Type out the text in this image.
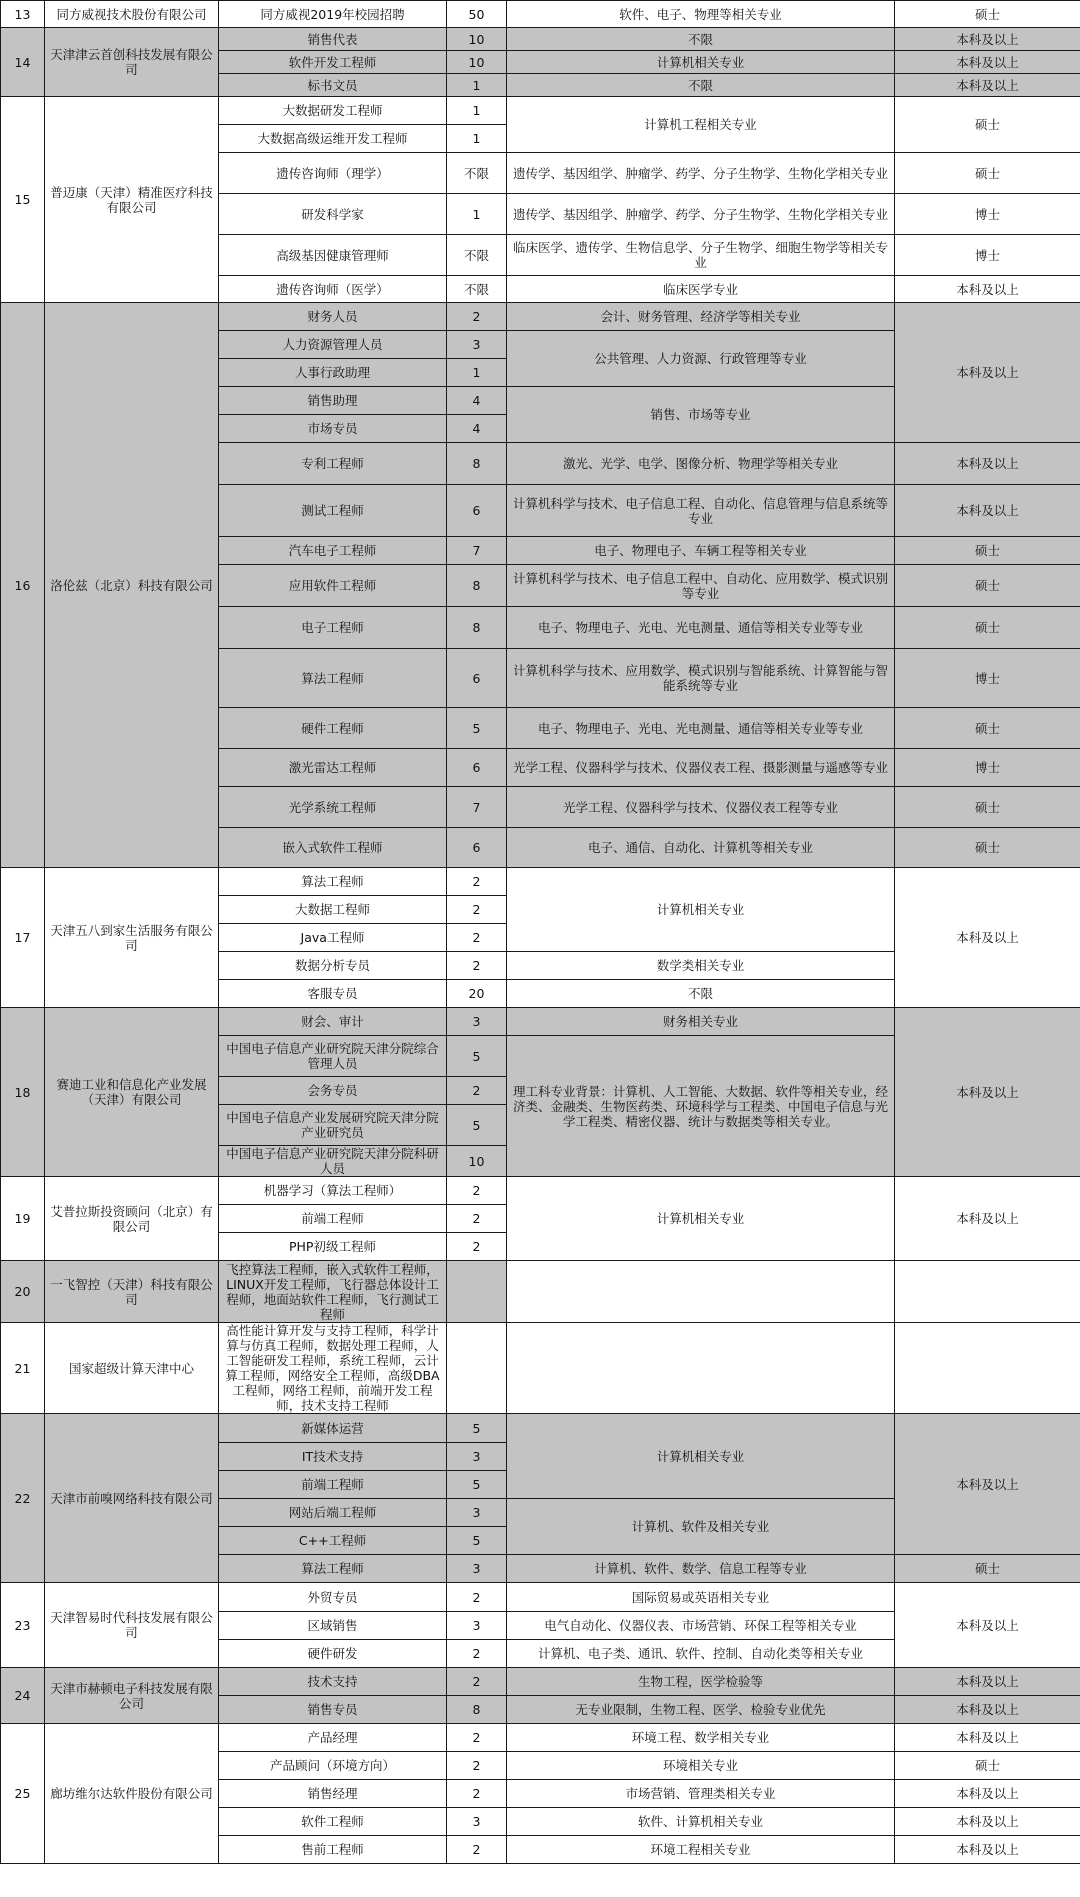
13	同方威视技术股份有限公司	同方威视2019年校园招聘	50	软件、电子、物理等相关专业	硕士
14	天津津云首创科技发展有限公司	销售代表	10	不限	本科及以上
		软件开发工程师	10	计算机相关专业	本科及以上
		标书文员	1	不限	本科及以上
15	普迈康（天津）精准医疗科技有限公司	大数据研发工程师	1	计算机工程相关专业	硕士
		大数据高级运维开发工程师	1		
		遗传咨询师（理学）	不限	遗传学、基因组学、肿瘤学、药学、分子生物学、生物化学相关专业	硕士
		研发科学家	1	遗传学、基因组学、肿瘤学、药学、分子生物学、生物化学相关专业	博士
		高级基因健康管理师	不限	临床医学、遗传学、生物信息学、分子生物学、细胞生物学等相关专业	博士
		遗传咨询师（医学）	不限	临床医学专业	本科及以上
16	洛伦兹（北京）科技有限公司	财务人员	2	会计、财务管理、经济学等相关专业	本科及以上
		人力资源管理人员	3	公共管理、人力资源、行政管理等专业	
		人事行政助理	1		
		销售助理	4	销售、市场等专业	
		市场专员	4		
		专利工程师	8	激光、光学、电学、图像分析、物理学等相关专业	本科及以上
		测试工程师	6	计算机科学与技术、电子信息工程、自动化、信息管理与信息系统等专业	本科及以上
		汽车电子工程师	7	电子、物理电子、车辆工程等相关专业	硕士
		应用软件工程师	8	计算机科学与技术、电子信息工程中、自动化、应用数学、模式识别等专业	硕士
		电子工程师	8	电子、物理电子、光电、光电测量、通信等相关专业等专业	硕士
		算法工程师	6	计算机科学与技术、应用数学、模式识别与智能系统、计算智能与智能系统等专业	博士
		硬件工程师	5	电子、物理电子、光电、光电测量、通信等相关专业等专业	硕士
		激光雷达工程师	6	光学工程、仪器科学与技术、仪器仪表工程、摄影测量与遥感等专业	博士
		光学系统工程师	7	光学工程、仪器科学与技术、仪器仪表工程等专业	硕士
		嵌入式软件工程师	6	电子、通信、自动化、计算机等相关专业	硕士
17	天津五八到家生活服务有限公司	算法工程师	2	计算机相关专业	本科及以上
		大数据工程师	2		
		Java工程师	2		
		数据分析专员	2	数学类相关专业	
		客服专员	20	不限	
18	赛迪工业和信息化产业发展（天津）有限公司	财会、审计	3	财务相关专业	本科及以上
		中国电子信息产业研究院天津分院综合管理人员	5	理工科专业背景：计算机、人工智能、大数据、软件等相关专业，经济类、金融类、生物医药类、环境科学与工程类、中国电子信息与光学工程类、精密仪器、统计与数据类等相关专业。	
		会务专员	2		
		中国电子信息产业发展研究院天津分院产业研究员	5		
		中国电子信息产业研究院天津分院科研人员	10		
19	艾普拉斯投资顾问（北京）有限公司	机器学习（算法工程师）	2	计算机相关专业	本科及以上
		前端工程师	2		
		PHP初级工程师	2		
20	一飞智控（天津）科技有限公司	飞控算法工程师，嵌入式软件工程师，LINUX开发工程师，飞行器总体设计工程师，地面站软件工程师，飞行测试工程师			
21	国家超级计算天津中心	高性能计算开发与支持工程师，科学计算与仿真工程师，数据处理工程师，人工智能研发工程师，系统工程师，云计算工程师，网络安全工程师，高级DBA工程师，网络工程师，前端开发工程师，技术支持工程师			
22	天津市前嗅网络科技有限公司	新媒体运营	5	计算机相关专业	本科及以上
		IT技术支持	3		
		前端工程师	5		
		网站后端工程师	3	计算机、软件及相关专业	
		C++工程师	5		
		算法工程师	3	计算机、软件、数学、信息工程等专业	硕士
23	天津智易时代科技发展有限公司	外贸专员	2	国际贸易或英语相关专业	本科及以上
		区域销售	3	电气自动化、仪器仪表、市场营销、环保工程等相关专业	
		硬件研发	2	计算机、电子类、通讯、软件、控制、自动化类等相关专业	
24	天津市赫顿电子科技发展有限公司	技术支持	2	生物工程，医学检验等	本科及以上
		销售专员	8	无专业限制，生物工程、医学、检验专业优先	本科及以上
25	廊坊维尔达软件股份有限公司	产品经理	2	环境工程、数学相关专业	本科及以上
		产品顾问（环境方向）	2	环境相关专业	硕士
		销售经理	2	市场营销、管理类相关专业	本科及以上
		软件工程师	3	软件、计算机相关专业	本科及以上
		售前工程师	2	环境工程相关专业	本科及以上
